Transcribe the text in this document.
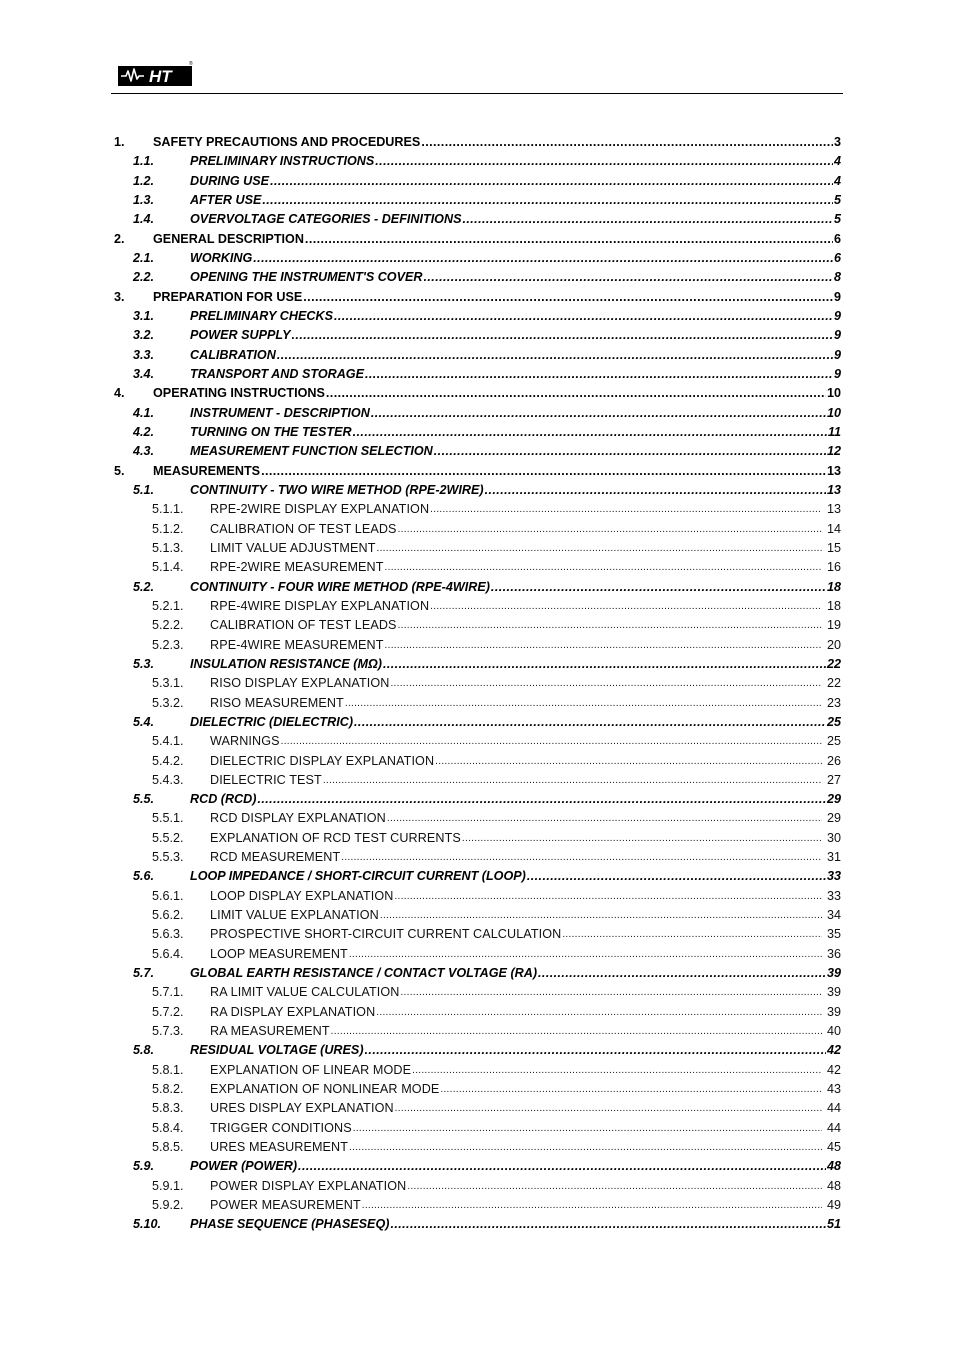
HT
®
1.	SAFETY PRECAUTIONS AND PROCEDURES .....	3
1.1.	PRELIMINARY INSTRUCTIONS .....	4
1.2.	DURING USE .....	4
1.3.	AFTER USE .....	5
1.4.	OVERVOLTAGE CATEGORIES - DEFINITIONS .....	5
2.	GENERAL DESCRIPTION .....	6
2.1.	WORKING .....	6
2.2.	OPENING THE INSTRUMENT'S COVER .....	8
3.	PREPARATION FOR USE .....	9
3.1.	PRELIMINARY CHECKS .....	9
3.2.	POWER SUPPLY .....	9
3.3.	CALIBRATION .....	9
3.4.	TRANSPORT AND STORAGE .....	9
4.	OPERATING INSTRUCTIONS .....	10
4.1.	INSTRUMENT - DESCRIPTION .....	10
4.2.	TURNING ON THE TESTER .....	11
4.3.	MEASUREMENT FUNCTION SELECTION .....	12
5.	MEASUREMENTS .....	13
5.1.	CONTINUITY - TWO WIRE METHOD (RPE-2WIRE) .....	13
5.1.1.	RPE-2WIRE DISPLAY EXPLANATION .....	13
5.1.2.	CALIBRATION OF TEST LEADS .....	14
5.1.3.	LIMIT VALUE ADJUSTMENT .....	15
5.1.4.	RPE-2WIRE MEASUREMENT .....	16
5.2.	CONTINUITY - FOUR WIRE METHOD (RPE-4WIRE) .....	18
5.2.1.	RPE-4WIRE DISPLAY EXPLANATION .....	18
5.2.2.	CALIBRATION OF TEST LEADS .....	19
5.2.3.	RPE-4WIRE MEASUREMENT .....	20
5.3.	INSULATION RESISTANCE (MΩ) .....	22
5.3.1.	RISO DISPLAY EXPLANATION .....	22
5.3.2.	RISO MEASUREMENT .....	23
5.4.	DIELECTRIC (DIELECTRIC) .....	25
5.4.1.	WARNINGS .....	25
5.4.2.	DIELECTRIC DISPLAY EXPLANATION .....	26
5.4.3.	DIELECTRIC TEST .....	27
5.5.	RCD (RCD) .....	29
5.5.1.	RCD DISPLAY EXPLANATION .....	29
5.5.2.	EXPLANATION OF RCD TEST CURRENTS .....	30
5.5.3.	RCD MEASUREMENT .....	31
5.6.	LOOP IMPEDANCE / SHORT-CIRCUIT CURRENT (LOOP) .....	33
5.6.1.	LOOP DISPLAY EXPLANATION .....	33
5.6.2.	LIMIT VALUE EXPLANATION .....	34
5.6.3.	PROSPECTIVE SHORT-CIRCUIT CURRENT CALCULATION .....	35
5.6.4.	LOOP MEASUREMENT .....	36
5.7.	GLOBAL EARTH RESISTANCE / CONTACT VOLTAGE (RA) .....	39
5.7.1.	RA LIMIT VALUE CALCULATION .....	39
5.7.2.	RA DISPLAY EXPLANATION .....	39
5.7.3.	RA MEASUREMENT .....	40
5.8.	RESIDUAL VOLTAGE (URES) .....	42
5.8.1.	EXPLANATION OF LINEAR MODE .....	42
5.8.2.	EXPLANATION OF NONLINEAR MODE .....	43
5.8.3.	URES DISPLAY EXPLANATION .....	44
5.8.4.	TRIGGER CONDITIONS .....	44
5.8.5.	URES MEASUREMENT .....	45
5.9.	POWER (POWER) .....	48
5.9.1.	POWER DISPLAY EXPLANATION .....	48
5.9.2.	POWER MEASUREMENT .....	49
5.10.	PHASE SEQUENCE (PHASESEQ) .....	51
